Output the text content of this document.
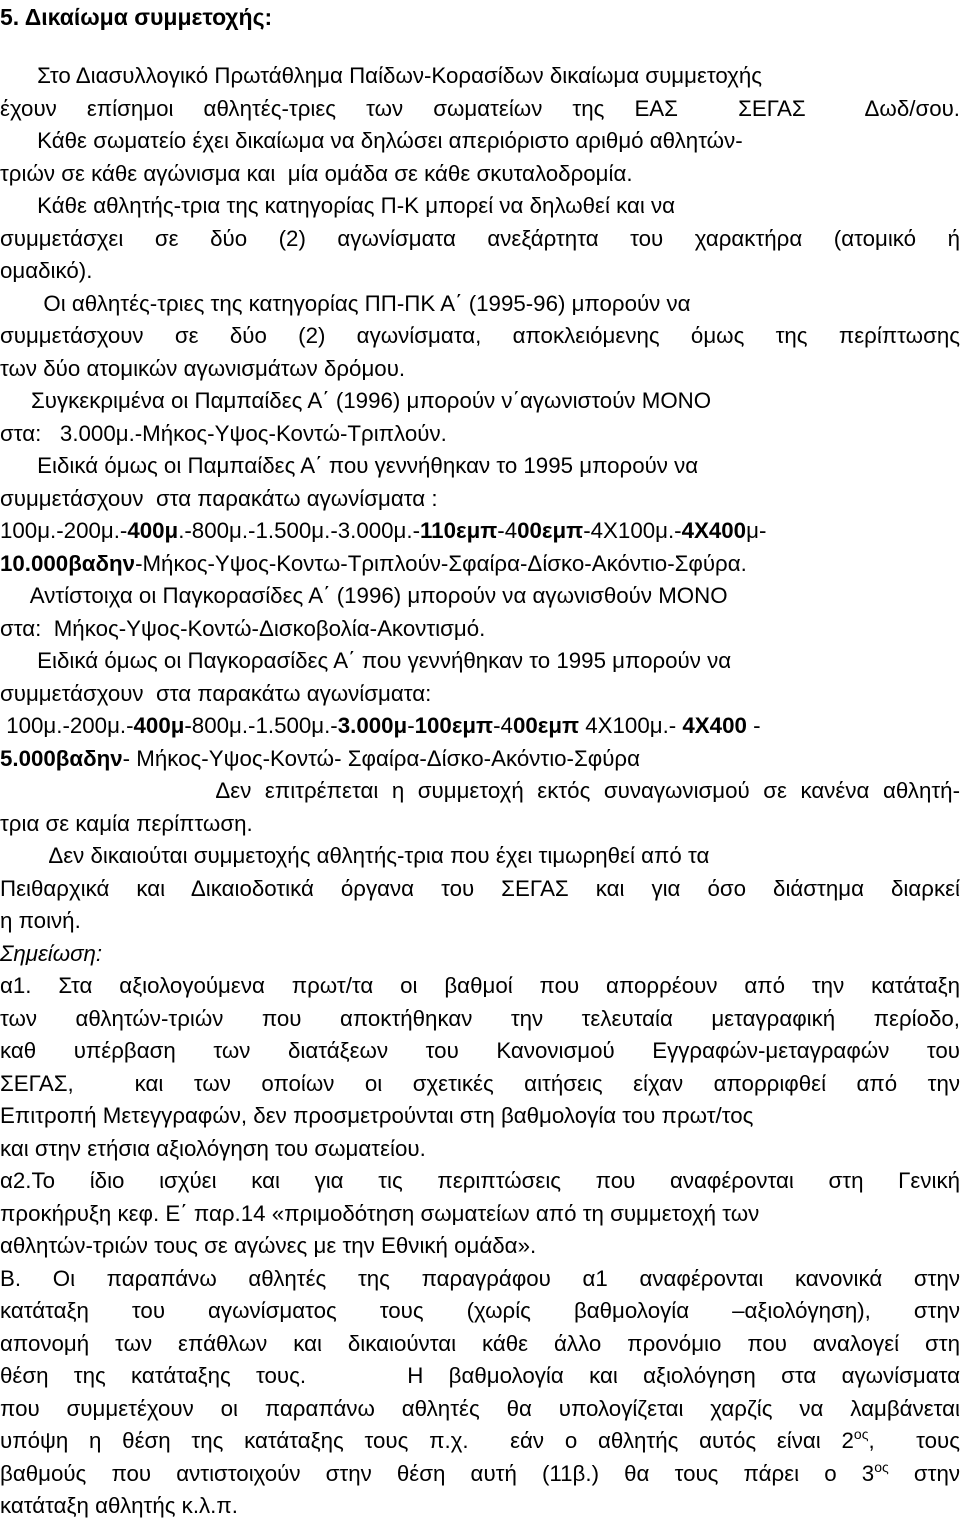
5. Δικαίωμα συμμετοχής:
Στο Διασυλλογικό Πρωτάθλημα Παίδων-Κορασίδων δικαίωμα συμμετοχής
έχουν επίσημοι αθλητές-τριες των σωματείων της ΕΑΣ  ΣΕΓΑΣ  Δωδ/σου.
Κάθε σωματείο έχει δικαίωμα να δηλώσει απεριόριστο αριθμό αθλητών-
τριών σε κάθε αγώνισμα και  μία ομάδα σε κάθε σκυταλοδρομία.
Κάθε αθλητής-τρια της κατηγορίας Π-Κ μπορεί να δηλωθεί και να
συμμετάσχει σε δύο (2) αγωνίσματα ανεξάρτητα του χαρακτήρα (ατομικό ή
ομαδικό).
Οι αθλητές-τριες της κατηγορίας ΠΠ-ΠΚ Α΄ (1995-96) μπορούν να
συμμετάσχουν σε δύο (2) αγωνίσματα, αποκλειόμενης όμως της περίπτωσης
των δύο ατομικών αγωνισμάτων δρόμου.
Συγκεκριμένα οι Παμπαίδες Α΄ (1996) μπορούν ν΄αγωνιστούν ΜΟΝΟ
στα:   3.000μ.-Μήκος-Υψος-Κοντώ-Τριπλούν.
Ειδικά όμως οι Παμπαίδες Α΄ που γεννήθηκαν το 1995 μπορούν να
συμμετάσχουν  στα παρακάτω αγωνίσματα :
100μ.-200μ.-400μ.-800μ.-1.500μ.-3.000μ.-110εμπ-400εμπ-4Χ100μ.-4Χ400μ-
10.000βαδην-Μήκος-Υψος-Κοντω-Τριπλούν-Σφαίρα-Δίσκο-Ακόντιο-Σφύρα.
Αντίστοιχα οι Παγκορασίδες Α΄ (1996) μπορούν να αγωνισθούν ΜΟΝΟ
στα:  Μήκος-Υψος-Κοντώ-Δισκοβολία-Ακοντισμό.
Ειδικά όμως οι Παγκορασίδες Α΄ που γεννήθηκαν το 1995 μπορούν να
συμμετάσχουν  στα παρακάτω αγωνίσματα:
100μ.-200μ.-400μ-800μ.-1.500μ.-3.000μ-100εμπ-400εμπ 4Χ100μ.- 4Χ400 -
5.000βαδην- Μήκος-Υψος-Κοντώ- Σφαίρα-Δίσκο-Ακόντιο-Σφύρα
Δεν επιτρέπεται η συμμετοχή εκτός συναγωνισμού σε κανένα αθλητή-
τρια σε καμία περίπτωση.
Δεν δικαιούται συμμετοχής αθλητής-τρια που έχει τιμωρηθεί από τα
Πειθαρχικά και Δικαιοδοτικά όργανα του ΣΕΓΑΣ και για όσο διάστημα διαρκεί
η ποινή.
Σημείωση:
α1. Στα αξιολογούμενα πρωτ/τα οι βαθμοί που απορρέουν από την κατάταξη
των αθλητών-τριών που αποκτήθηκαν την τελευταία μεταγραφική περίοδο,
καθ υπέρβαση των διατάξεων του Κανονισμού Εγγραφών-μεταγραφών του
ΣΕΓΑΣ,  και των οποίων οι σχετικές αιτήσεις είχαν απορριφθεί από την
Επιτροπή Μετεγγραφών, δεν προσμετρούνται στη βαθμολογία του πρωτ/τος
και στην ετήσια αξιολόγηση του σωματείου.
α2.Το ίδιο ισχύει και για τις περιπτώσεις που αναφέρονται στη Γενική
προκήρυξη κεφ. Ε΄ παρ.14 «πριμοδότηση σωματείων από τη συμμετοχή των
αθλητών-τριών τους σε αγώνες με την Εθνική ομάδα».
Β. Οι παραπάνω αθλητές της παραγράφου α1 αναφέρονται κανονικά στην
κατάταξη του αγωνίσματος τους (χωρίς βαθμολογία –αξιολόγηση), στην
απονομή των επάθλων και δικαιούνται κάθε άλλο προνόμιο που αναλογεί στη
θέση της κατάταξης τους.    Η βαθμολογία και αξιολόγηση στα αγωνίσματα
που συμμετέχουν οι παραπάνω αθλητές θα υπολογίζεται χαρζίς να λαμβάνεται
υπόψη η θέση της κατάταξης τους π.χ.  εάν ο αθλητής αυτός είναι $2^{o\varsigma}$,  τους
βαθμούς που αντιστοιχούν στην θέση αυτή (11β.) θα τους πάρει ο $3^{o\varsigma}$ στην
κατάταξη αθλητής κ.λ.π.
